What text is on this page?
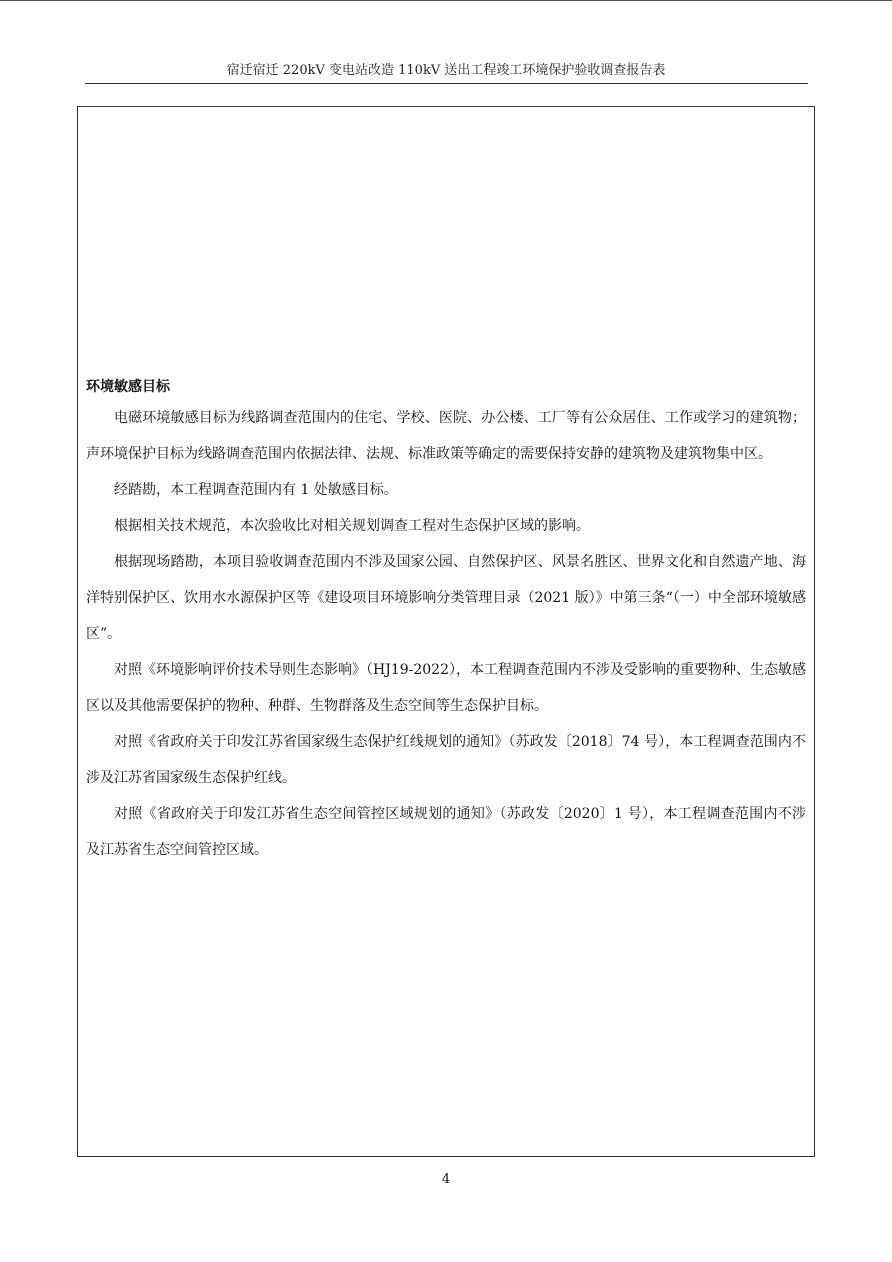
宿迁宿迁 220kV 变电站改造 110kV 送出工程竣工环境保护验收调查报告表
环境敏感目标

电磁环境敏感目标为线路调查范围内的住宅、学校、医院、办公楼、工厂等有公众居住、工作或学习的建筑物；声环境保护目标为线路调查范围内依据法律、法规、标准政策等确定的需要保持安静的建筑物及建筑物集中区。

经踏勘，本工程调查范围内有 1 处敏感目标。

根据相关技术规范，本次验收比对相关规划调查工程对生态保护区域的影响。

根据现场踏勘，本项目验收调查范围内不涉及国家公园、自然保护区、风景名胜区、世界文化和自然遗产地、海洋特别保护区、饮用水水源保护区等《建设项目环境影响分类管理目录（2021 版）》中第三条“（一）中全部环境敏感区”。

对照《环境影响评价技术导则生态影响》（HJ19-2022），本工程调查范围内不涉及受影响的重要物种、生态敏感区以及其他需要保护的物种、种群、生物群落及生态空间等生态保护目标。

对照《省政府关于印发江苏省国家级生态保护红线规划的通知》（苏政发〔2018〕74 号），本工程调查范围内不涉及江苏省国家级生态保护红线。

对照《省政府关于印发江苏省生态空间管控区域规划的通知》（苏政发〔2020〕1 号），本工程调查范围内不涉及江苏省生态空间管控区域。

4
